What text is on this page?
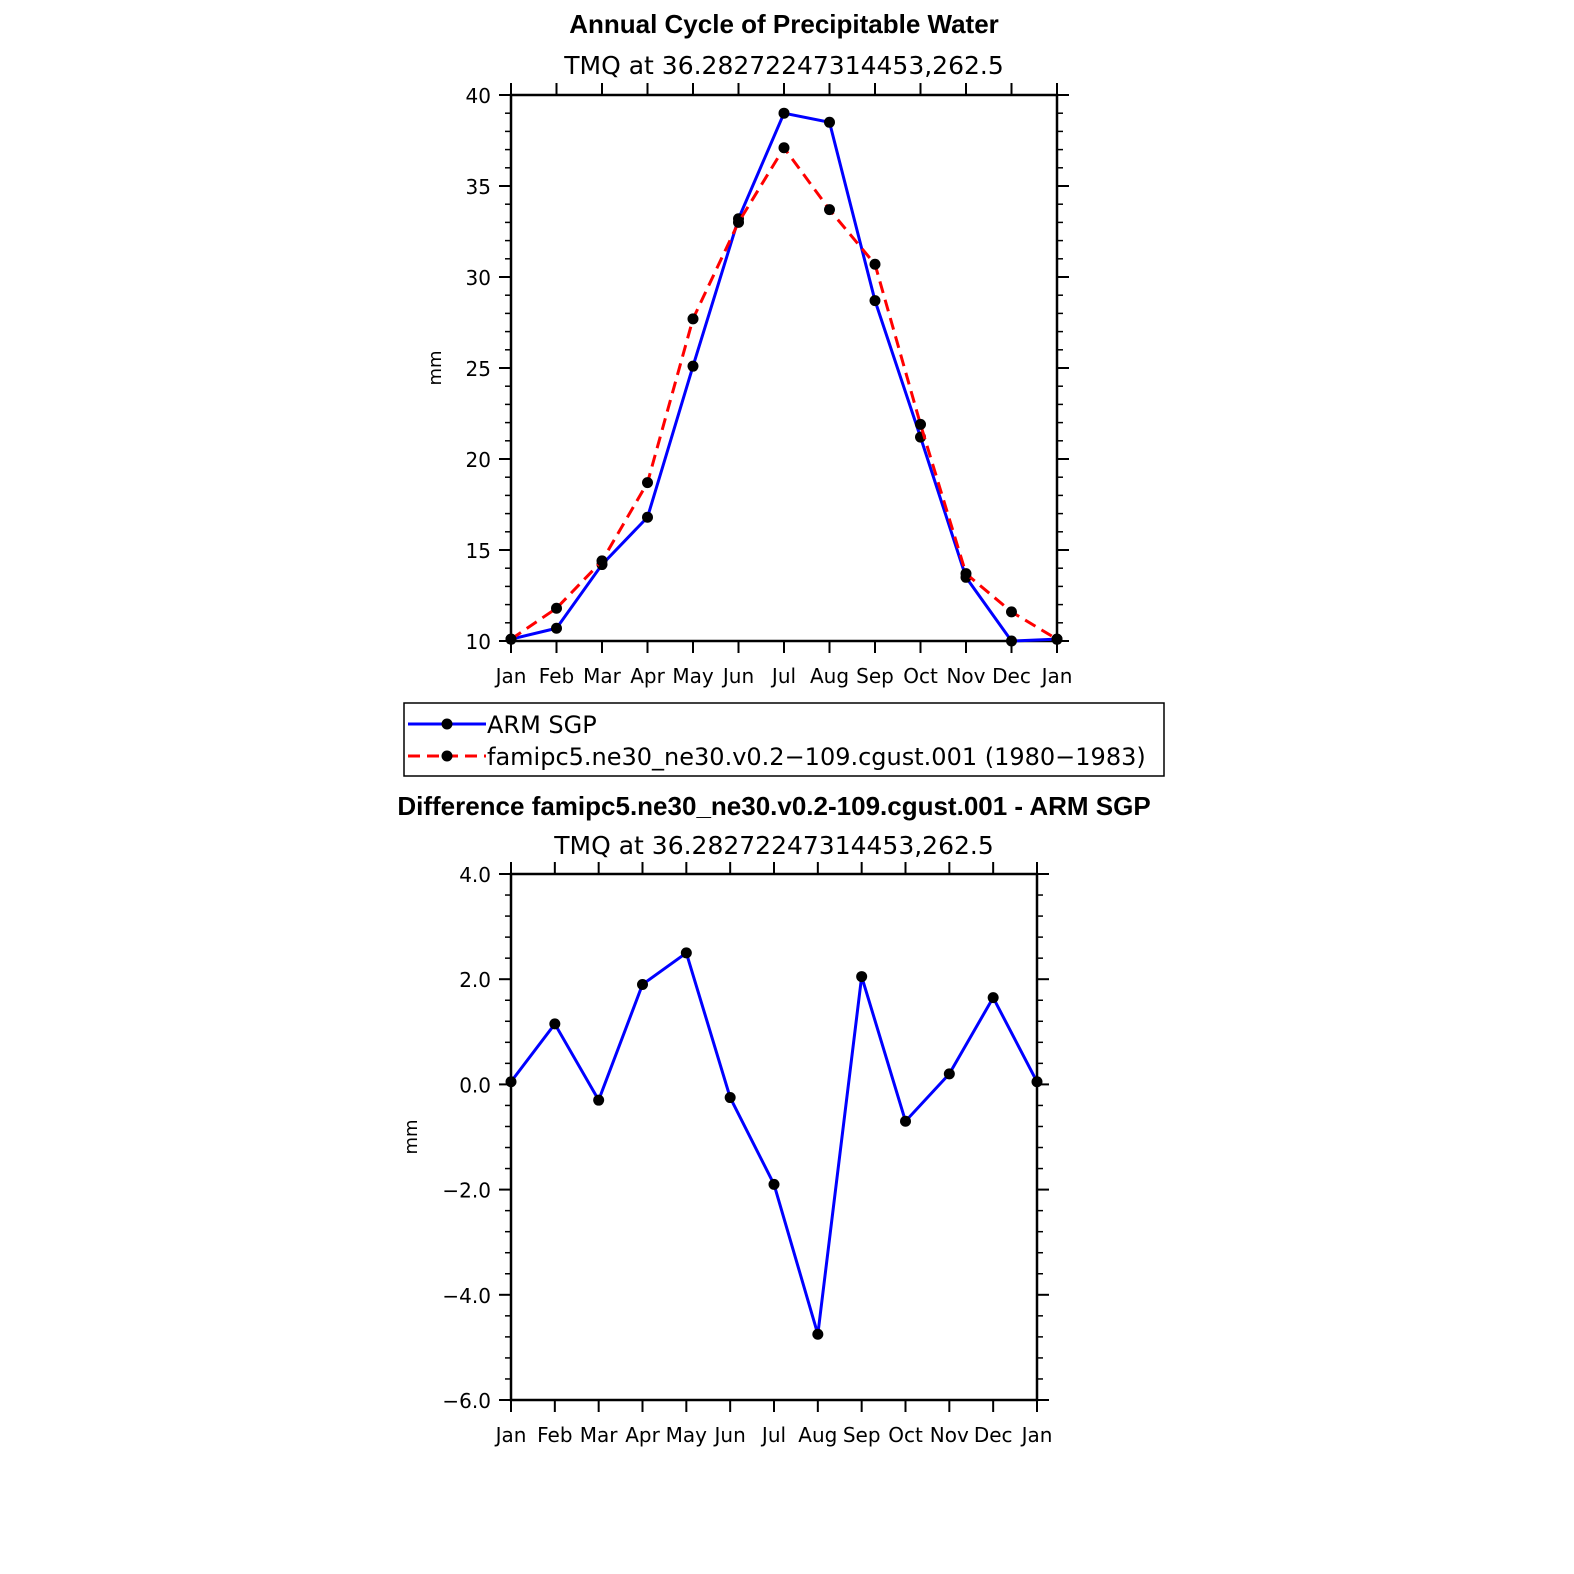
Annual Cycle of Precipitable Water
TMQ at 36.28272247314453,262.5
mm
Jan Feb Mar Apr May Jun Jul Aug Sep Oct Nov Dec Jan
10
15
20
25
30
35
40
ARM SGP
famipc5.ne30_ne30.v0.2−109.cgust.001 (1980−1983)
Difference famipc5.ne30_ne30.v0.2-109.cgust.001 - ARM SGP
TMQ at 36.28272247314453,262.5
mm
Jan Feb Mar Apr May Jun Jul Aug Sep Oct Nov Dec Jan
−6.0
−4.0
−2.0
0.0
2.0
4.0
